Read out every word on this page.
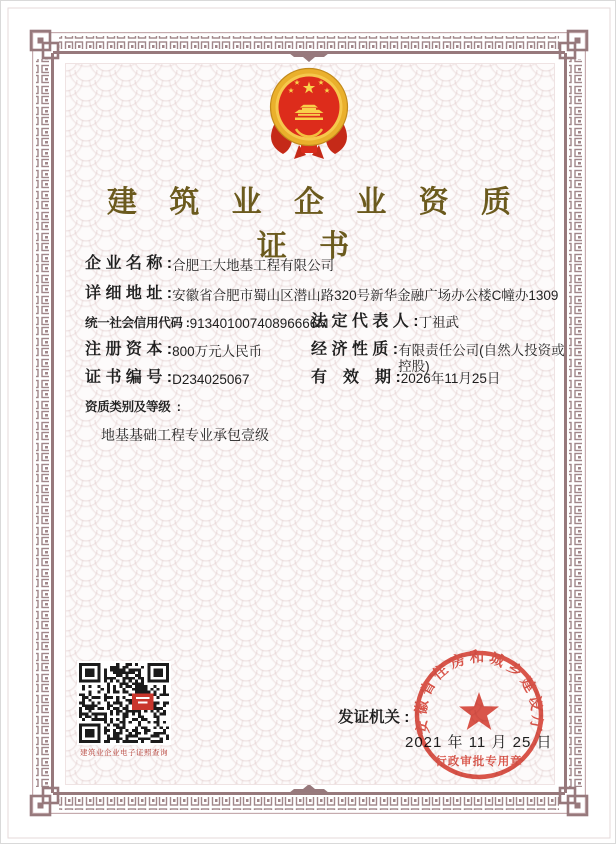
建 筑 业 企 业 资 质 证 书
企 业 名 称 : 合肥工大地基工程有限公司
详 细 地 址 : 安徽省合肥市蜀山区潜山路320号新华金融广场办公楼C幢办1309
统一社会信用代码 : 91340100740896666M
法 定 代 表 人 : 丁祖武
注 册 资 本 : 800万元人民币	经 济 性 质 : 有限责任公司(自然人投资或控股)
证 书 编 号 : D234025067	有　效　期 : 2026年11月25日
资质类别及等级  :
地基基础工程专业承包壹级
建筑业企业电子证照查询
发证机关 :
2021 年 11 月 25 日
安徽省住房和城乡建设厅
行政审批专用章
